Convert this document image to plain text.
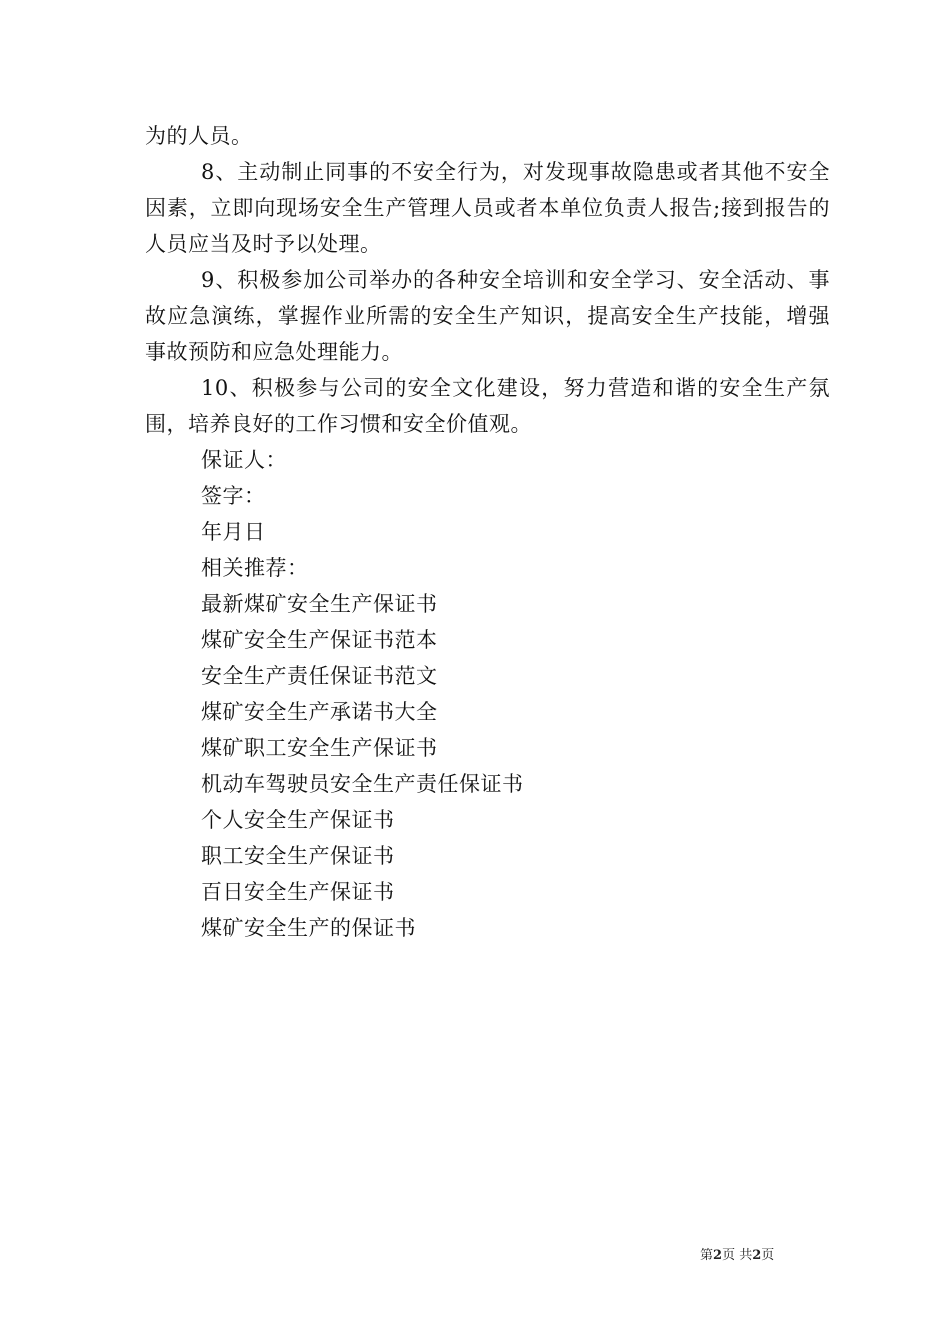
为的人员。

8、主动制止同事的不安全行为，对发现事故隐患或者其他不安全因素，立即向现场安全生产管理人员或者本单位负责人报告;接到报告的人员应当及时予以处理。

9、积极参加公司举办的各种安全培训和安全学习、安全活动、事故应急演练，掌握作业所需的安全生产知识，提高安全生产技能，增强事故预防和应急处理能力。

10、积极参与公司的安全文化建设，努力营造和谐的安全生产氛围，培养良好的工作习惯和安全价值观。

保证人：

签字：

年月日

相关推荐：

最新煤矿安全生产保证书

煤矿安全生产保证书范本

安全生产责任保证书范文

煤矿安全生产承诺书大全

煤矿职工安全生产保证书

机动车驾驶员安全生产责任保证书

个人安全生产保证书

职工安全生产保证书

百日安全生产保证书

煤矿安全生产的保证书

第2页 共2页
